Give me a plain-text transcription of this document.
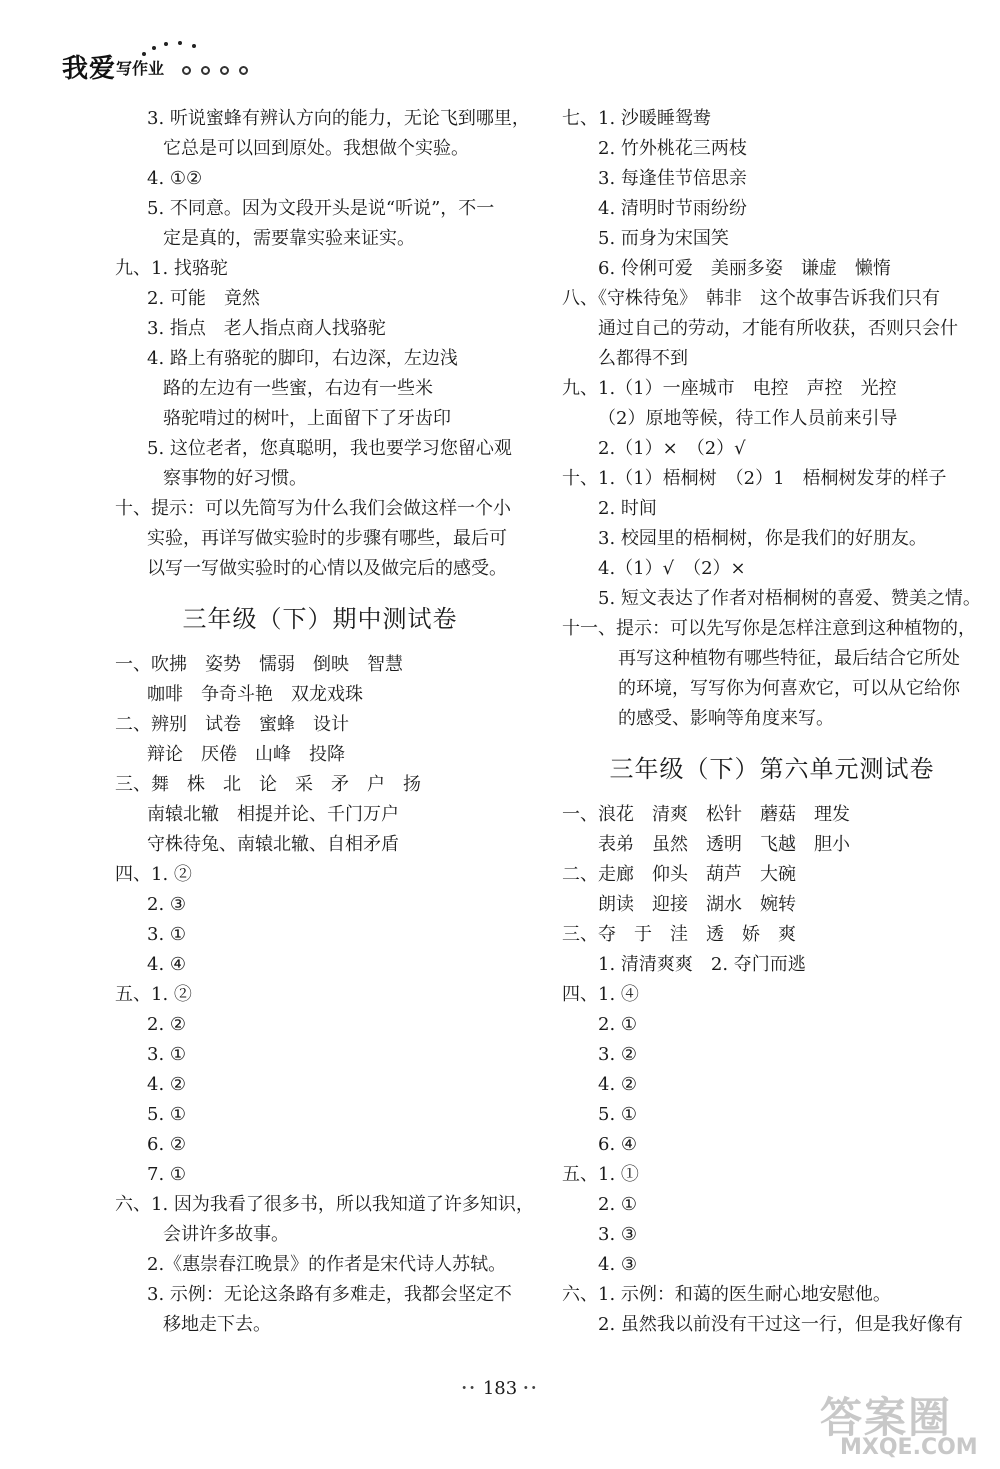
我爱 写作业
3. 听说蜜蜂有辨认方向的能力，无论飞到哪里，
它总是可以回到原处。我想做个实验。
4. ①②
5. 不同意。因为文段开头是说“听说”，不一
定是真的，需要靠实验来证实。
九、1. 找骆驼
2. 可能　竟然
3. 指点　老人指点商人找骆驼
4. 路上有骆驼的脚印，右边深，左边浅
路的左边有一些蜜，右边有一些米
骆驼啃过的树叶，上面留下了牙齿印
5. 这位老者，您真聪明，我也要学习您留心观
察事物的好习惯。
十、提示：可以先简写为什么我们会做这样一个小
实验，再详写做实验时的步骤有哪些，最后可
以写一写做实验时的心情以及做完后的感受。
三年级（下）期中测试卷
一、吹拂　姿势　懦弱　倒映　智慧
咖啡　争奇斗艳　双龙戏珠
二、辨别　试卷　蜜蜂　设计
辩论　厌倦　山峰　投降
三、舞　株　北　论　采　矛　户　扬
南辕北辙　相提并论、千门万户
守株待兔、南辕北辙、自相矛盾
四、1. ②
2. ③
3. ①
4. ④
五、1. ②
2. ②
3. ①
4. ②
5. ①
6. ②
7. ①
六、1. 因为我看了很多书，所以我知道了许多知识，
会讲许多故事。
2.《惠崇春江晚景》的作者是宋代诗人苏轼。
3. 示例：无论这条路有多难走，我都会坚定不
移地走下去。
七、1. 沙暖睡鸳鸯
2. 竹外桃花三两枝
3. 每逢佳节倍思亲
4. 清明时节雨纷纷
5. 而身为宋国笑
6. 伶俐可爱　美丽多姿　谦虚　懒惰
八、《守株待兔》　韩非　这个故事告诉我们只有
通过自己的劳动，才能有所收获，否则只会什
么都得不到
九、1.（1）一座城市　电控　声控　光控
（2）原地等候，待工作人员前来引导
2.（1）×　（2）√
十、1.（1）梧桐树　（2）1　梧桐树发芽的样子
2. 时间
3. 校园里的梧桐树，你是我们的好朋友。
4.（1）√　（2）×
5. 短文表达了作者对梧桐树的喜爱、赞美之情。
十一、提示：可以先写你是怎样注意到这种植物的，
再写这种植物有哪些特征，最后结合它所处
的环境，写写你为何喜欢它，可以从它给你
的感受、影响等角度来写。
三年级（下）第六单元测试卷
一、浪花　清爽　松针　蘑菇　理发
表弟　虽然　透明　飞越　胆小
二、走廊　仰头　葫芦　大碗
朗读　迎接　湖水　婉转
三、夺　于　洼　透　娇　爽
1. 清清爽爽　2. 夺门而逃
四、1. ④
2. ①
3. ②
4. ②
5. ①
6. ④
五、1. ①
2. ①
3. ③
4. ③
六、1. 示例：和蔼的医生耐心地安慰他。
2. 虽然我以前没有干过这一行，但是我好像有
•• 183 ••
答案圈
MXQE.COM
